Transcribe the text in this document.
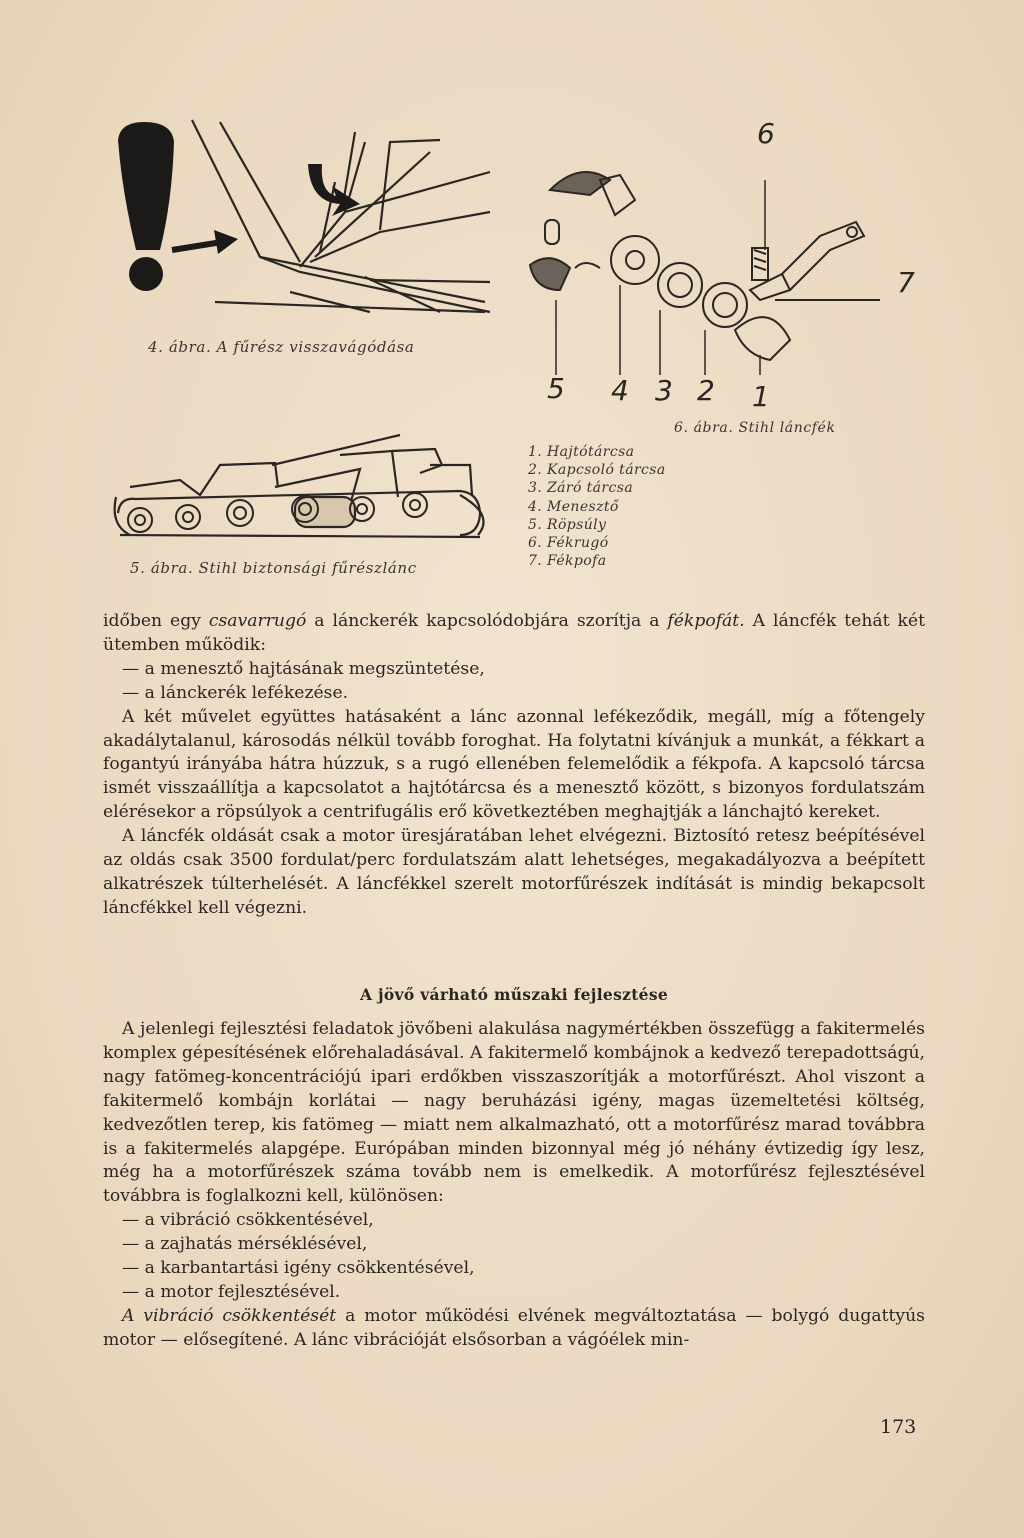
4. ábra. A fűrész visszavágódása
5. ábra. Stihl biztonsági fűrészlánc
5 4 3 2 1
6
7
6. ábra. Stihl láncfék
1. Hajtótárcsa
2. Kapcsoló tárcsa
3. Záró tárcsa
4. Menesztő
5. Röpsúly
6. Fékrugó
7. Fékpofa

időben egy csavarrugó a lánckerék kapcsolódobjára szorítja a fékpofát. A láncfék tehát két ütemben működik:

— a menesztő hajtásának megszüntetése,

— a lánckerék lefékezése.

A két művelet együttes hatásaként a lánc azonnal lefékeződik, megáll, míg a főtengely akadálytalanul, károsodás nélkül tovább foroghat. Ha folytatni kívánjuk a munkát, a fékkart a fogantyú irányába hátra húzzuk, s a rugó ellenében felemelődik a fékpofa. A kapcsoló tárcsa ismét visszaállítja a kapcsolatot a hajtótárcsa és a menesztő között, s bizonyos fordulatszám elérésekor a röpsúlyok a centrifugális erő következtében meghajtják a lánchajtó kereket.

A láncfék oldását csak a motor üresjáratában lehet elvégezni. Biztosító retesz beépítésével az oldás csak 3500 fordulat/perc fordulatszám alatt lehetséges, megakadályozva a beépített alkatrészek túlterhelését. A láncfékkel szerelt motorfűrészek indítását is mindig bekapcsolt láncfékkel kell végezni.

A jövő várható műszaki fejlesztése

A jelenlegi fejlesztési feladatok jövőbeni alakulása nagymértékben összefügg a fakitermelés komplex gépesítésének előrehaladásával. A fakitermelő kombájnok a kedvező terepadottságú, nagy fatömeg-koncentrációjú ipari erdőkben visszaszorítják a motorfűrészt. Ahol viszont a fakitermelő kombájn korlátai — nagy beruházási igény, magas üzemeltetési költség, kedvezőtlen terep, kis fatömeg — miatt nem alkalmazható, ott a motorfűrész marad továbbra is a fakitermelés alapgépe. Európában minden bizonnyal még jó néhány évtizedig így lesz, még ha a motorfűrészek száma tovább nem is emelkedik. A motorfűrész fejlesztésével továbbra is foglalkozni kell, különösen:

— a vibráció csökkentésével,

— a zajhatás mérséklésével,

— a karbantartási igény csökkentésével,

— a motor fejlesztésével.

A vibráció csökkentését a motor működési elvének megváltoztatása — bolygó dugattyús motor — elősegítené. A lánc vibrációját elsősorban a vágóélek min-

173
